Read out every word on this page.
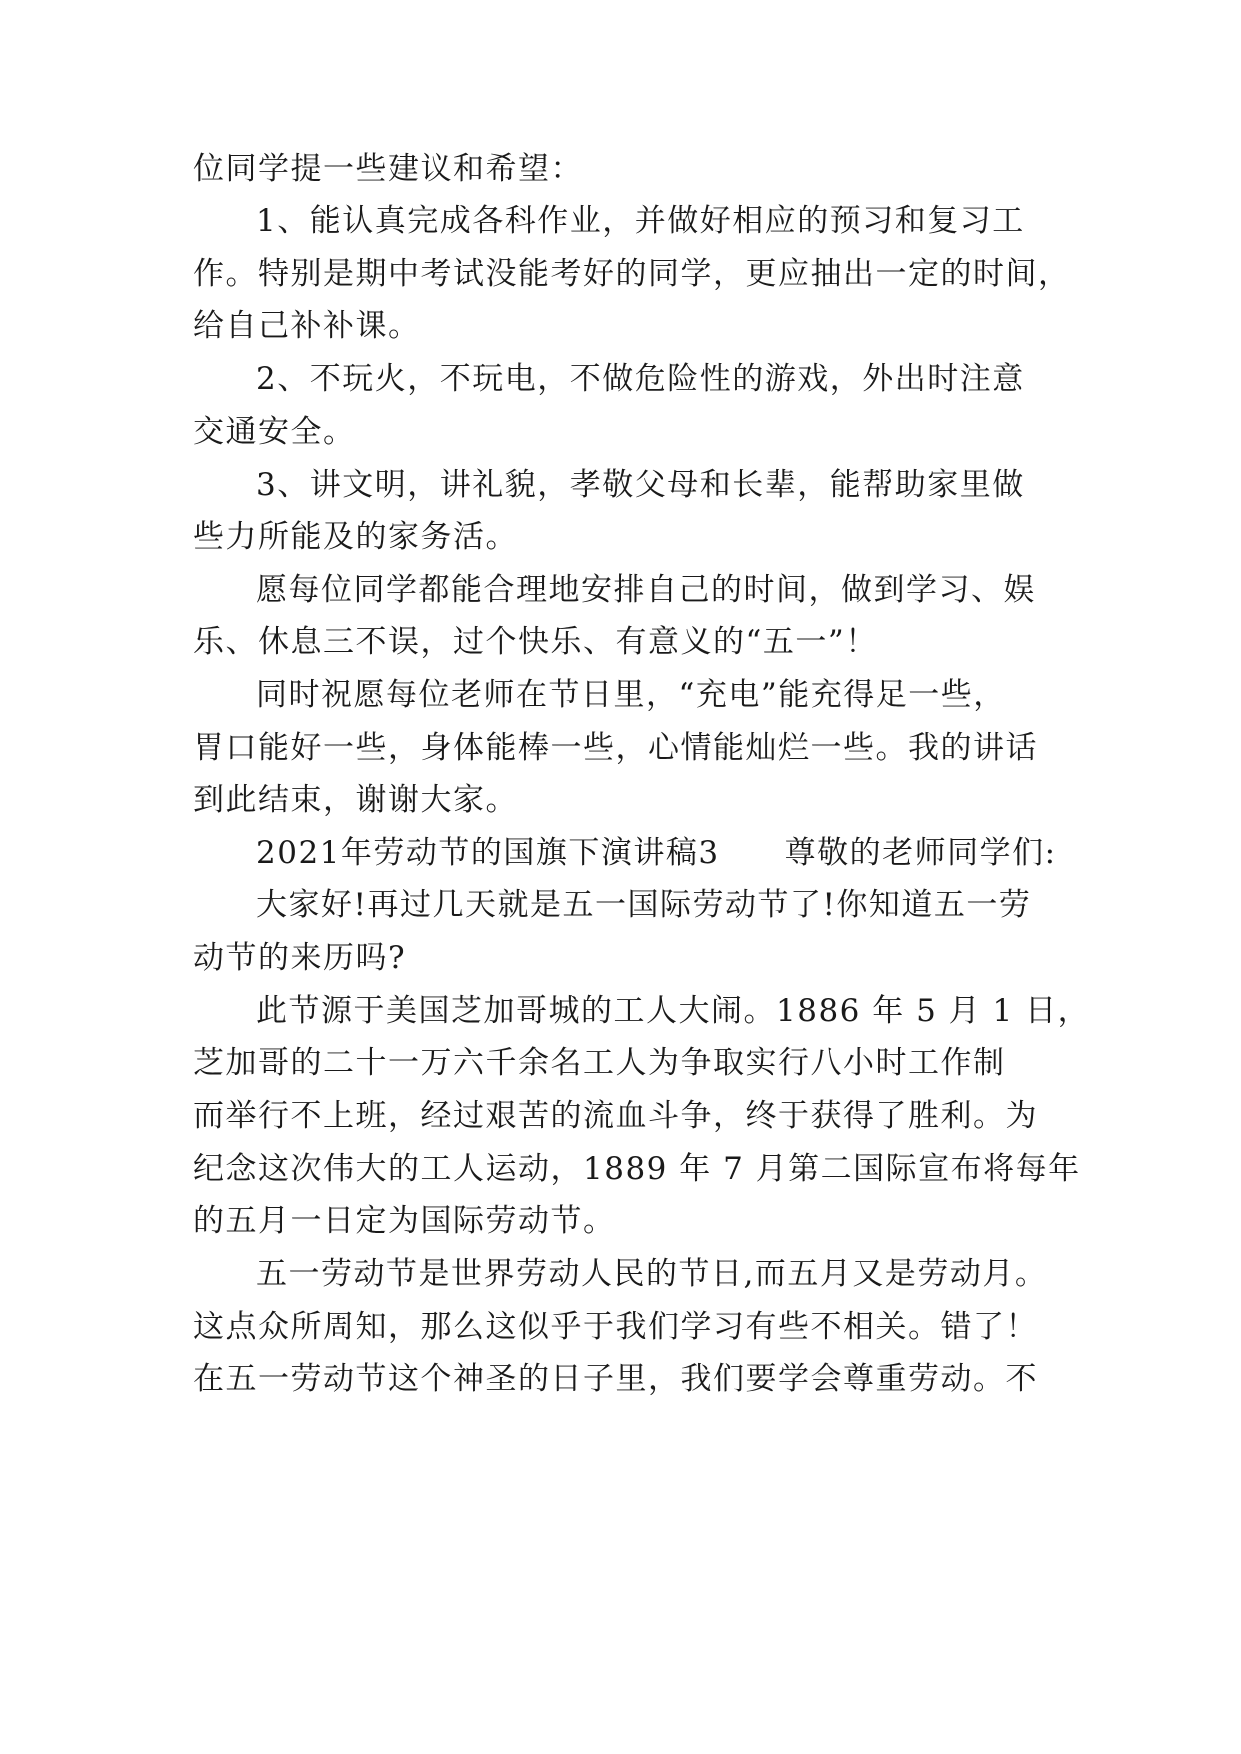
位同学提一些建议和希望：
1、能认真完成各科作业，并做好相应的预习和复习工
作。特别是期中考试没能考好的同学，更应抽出一定的时间，
给自己补补课。
2、不玩火，不玩电，不做危险性的游戏，外出时注意
交通安全。
3、讲文明，讲礼貌，孝敬父母和长辈，能帮助家里做
些力所能及的家务活。
愿每位同学都能合理地安排自己的时间，做到学习、娱
乐、休息三不误，过个快乐、有意义的“五一”！
同时祝愿每位老师在节日里，“充电”能充得足一些，
胃口能好一些，身体能棒一些，心情能灿烂一些。我的讲话
到此结束，谢谢大家。
2021年劳动节的国旗下演讲稿3　　尊敬的老师同学们:
大家好!再过几天就是五一国际劳动节了!你知道五一劳
动节的来历吗?
此节源于美国芝加哥城的工人大闹。1886 年 5 月 1 日，
芝加哥的二十一万六千余名工人为争取实行八小时工作制
而举行不上班，经过艰苦的流血斗争，终于获得了胜利。为
纪念这次伟大的工人运动，1889 年 7 月第二国际宣布将每年
的五月一日定为国际劳动节。
五一劳动节是世界劳动人民的节日,而五月又是劳动月。
这点众所周知，那么这似乎于我们学习有些不相关。错了！
在五一劳动节这个神圣的日子里，我们要学会尊重劳动。不
